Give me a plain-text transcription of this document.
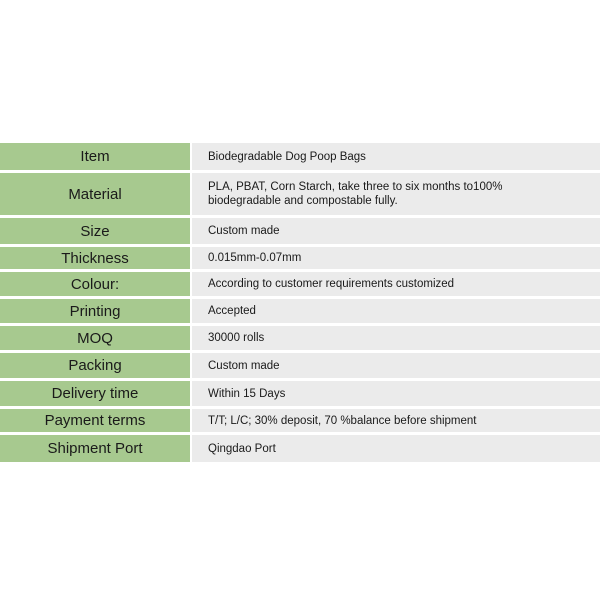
Item	Biodegradable Dog Poop Bags
Material	PLA, PBAT, Corn Starch, take three to six months to100% biodegradable and compostable fully.
Size	Custom made
Thickness	0.015mm-0.07mm
Colour:	According to customer requirements customized
Printing	Accepted
MOQ	30000 rolls
Packing	Custom made
Delivery time	Within 15 Days
Payment terms	T/T; L/C; 30% deposit, 70 %balance before shipment
Shipment Port	Qingdao Port
